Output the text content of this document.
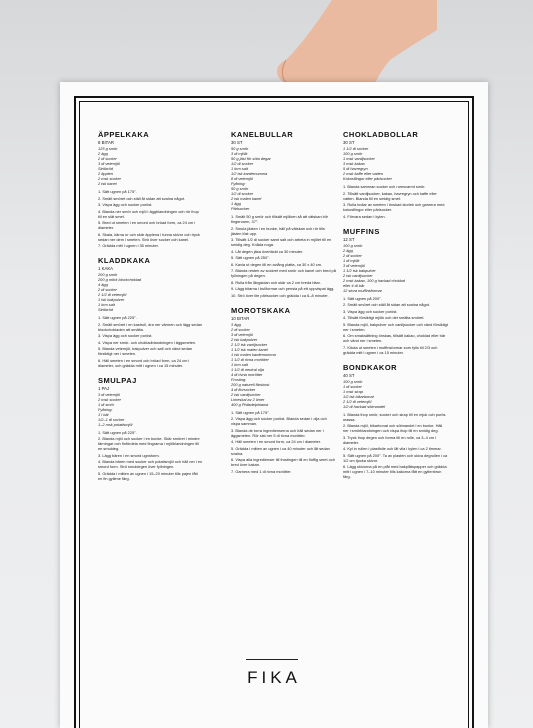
ÄPPELKAKA
8 BITAR
125 g smör
2 ägg
2 dl socker
3 dl vetemjöl
Ströbröd
2 äpplen
2 msk socker
2 tsk kanel
1. Sätt ugnen på 175°.
2. Smält smöret och ställ åt sidan att svalna något.
3. Vispa ägg och socker poröst.
4. Blanda ner smör och mjöl i äggblandningen och rör ihop till en slät smet.
5. Bred ut smeten i en smord och bröad form, ca 24 cm i diameter.
6. Skala, kärna ur och skär äpplena i tunna skivor och tryck sedan ner dem i smeten. Strö över socker och kanel.
7. Grädda mitt i ugnen i 35 minuter.
KLADDKAKA
1 KAKA
200 g smör
200 g mörk blockchoklad
4 ägg
2 dl socker
2 1/2 dl vetemjöl
1 tsk bakpulver
1 krm salt
Ströbröd
1. Sätt ugnen på 225°.
2. Smält smöret i en kastrull, dra ner värmen och lägg sedan blockchokladen att smälta.
3. Vispa ägg och socker poröst.
4. Vispa ner smör- och chokladblandningen i äggsmeten.
5. Blanda vetemjöl, bakpulver och salt och vänd sedan försiktigt ner i smeten.
6. Häll smeten i en smord och bröad form, ca 24 cm i diameter, och grädda mitt i ugnen i ca 15 minuter.
SMULPAJ
1 PAJ
3 dl vetemjöl
2 msk socker
1 dl smör
Fyllning:
1 l bär
1/2–1 dl socker
1–2 msk potatismjöl
1. Sätt ugnen på 225°.
2. Blanda mjöl och socker i en bunke. Skär smöret i mindre tärningar och finfördela med fingrarna i mjölblandningen till en smuldeg.
3. Lägg bären i en smord ugnsform.
4. Blanda bären med socker och potatismjöl och häll ner i en smord form. Strö smuldegen över fyllningen.
5. Grädda i mitten av ugnen i 15–20 minuter tills pajen fått en fin gyllene färg.
KANELBULLAR
30 ST
50 g smör
3 dl mjölk
50 g jäst för söta degar
1/2 dl socker
1 krm salt
1/2 tsk kardemumma
8 dl vetemjöl
Fyllning:
50 g smör
1/2 dl socker
2 tsk malen kanel
1 ägg
Pärlsocker
1. Smält 50 g smör och tillsätt mjölken så att vätskan blir fingervarm, 37°.
2. Smula jästen i en bunke, häll på vätskan och rör tills jästen löst upp.
3. Tillsätt 1/2 dl socker samt salt och arbeta in mjölet till en smidig deg. Knåda noga.
4. Låt degen jäsa övertäckt ca 30 minuter.
5. Sätt ugnen på 250°.
6. Kavla ut degen till en avlång platta, ca 30 x 40 cm.
7. Blanda resten av sockret med smör och kanel och bred på fyllningen på degen.
8. Rulla från långsidan och skär ca 2 cm breda bitar.
9. Lägg bitarna i bullformar och pensla på ett uppvispat ägg.
10. Strö över lite pärlsocker och grädda i ca 6–8 minuter.
MOROTSKAKA
10 BITAR
3 ägg
2 dl socker
3 dl vetemjöl
2 tsk bakpulver
2 1/2 tsk vaniljsocker
1 1/2 tsk malen kanel
1 tsk malen kardemumma
1 1/2 dl rivna morötter
1 krm salt
1 1/2 dl neutral olja
4 dl rivna morötter
Frosting:
200 g naturell färskost
4 dl florsocker
2 tsk vaniljsocker
Limeskal av 2 limer
400 g Philadelphiaost
1. Sätt ugnen på 175°.
2. Vispa ägg och socker poröst. Blanda sedan i olja och vispa samman.
3. Blanda de torra ingredienserna och häll sedan ner i äggsmeten. Rör sist ner 5 dl rivna morötter.
4. Häll smeten i en smord form, ca 24 cm i diameter.
5. Grädda i mitten av ugnen i ca 40 minuter och låt sedan svalna.
6. Vispa alla ingredienser till frostingen till en fluffig smet och bred över kakan.
7. Garnera med 1 dl rivna morötter.
CHOKLADBOLLAR
30 ST
1 1/2 dl socker
100 g smör
1 msk vaniljsocker
3 msk kakao
5 dl havregryn
2 msk kaffe eller vatten
Kokosflingor eller pärlsocker
1. Blanda samman socker och rumsvarmt smör.
2. Tillsätt vaniljsocker, kakao, havregryn och kaffe eller vatten. Blanda till en smidig smet.
3. Rulla bollar av smeten i önskad storlek och garnera med kokosflingor eller pärlsocker.
4. Förvara sedan i kylen.
MUFFINS
12 ST
100 g smör
2 ägg
2 dl socker
1 dl mjölk
3 dl vetemjöl
1 1/2 tsk bakpulver
2 tsk vaniljsocker
2 msk kakao, 100 g hackad choklad
eller 4 dl bär
12 stora muffinsformar
1. Sätt ugnen på 200°.
2. Smält smöret och ställ åt sidan att svalna något.
3. Vispa ägg och socker poröst.
4. Tillsätt försiktigt mjölk och det smälta smöret.
5. Blanda mjöl, bakpulver och vaniljsocker och vänd försiktigt ner i smeten.
6. Om smaksättning önskas, tillsätt kakao, choklad eller bär och vänd ner i smeten.
7. Klicka ut smeten i muffinsformar som fylls till 2/3 och grädda mitt i ugnen i ca 15 minuter.
BONDKAKOR
40 ST
100 g smör
1 dl socker
1 msk sirap
1/2 tsk bikarbonat
2 1/2 dl vetemjöl
1/2 dl hackad sötmandel
1. Blanda ihop smör, socker och sirap till en mjuk och porös massa.
2. Blanda mjöl, bikarbonat och sötmandel i en bunke. Häll ner i smörblandningen och vispa ihop till en smidig deg.
3. Tryck ihop degen och forma till en rulle, ca 3–4 cm i diameter.
4. Kyl in rullen i plastfolie och låt vila i kylen i ca 2 timmar.
5. Sätt ugnen på 200°. Ta av plasten och skiva degrullen i ca 1/2 cm tjocka skivor.
6. Lägg skivorna på en plåt med bakplåtspapper och grädda mitt i ugnen i 7–10 minuter tills kakorna fått en gyllenbrun färg.
FIKA
